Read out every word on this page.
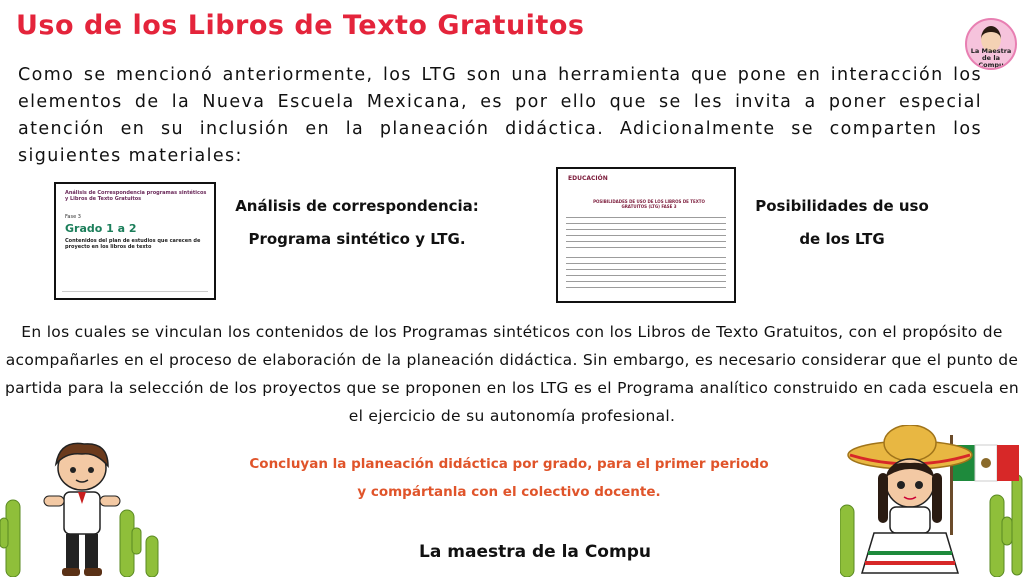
Uso de los Libros de Texto Gratuitos
La Maestra de la Compu
Como se mencionó anteriormente, los LTG son una herramienta que pone en interacción los elementos de la Nueva Escuela Mexicana, es por ello que se les invita a poner especial atención en su inclusión en la planeación didáctica. Adicionalmente se comparten los siguientes materiales:
Análisis de Correspondencia programas sintéticos y Libros de Texto Gratuitos
Fase 3
Grado 1 a 2
Contenidos del plan de estudios que carecen de proyecto en los libros de texto
Análisis de correspondencia:
Programa sintético y LTG.
EDUCACIÓN
POSIBILIDADES DE USO DE LOS LIBROS DE TEXTO GRATUITOS (LTG) FASE 3	Posibilidades de uso
de los LTG
En los cuales se vinculan los contenidos de los Programas sintéticos con los Libros de Texto Gratuitos, con el propósito de acompañarles en el proceso de elaboración de la planeación didáctica. Sin embargo, es necesario considerar que el punto de partida para la selección de los proyectos que se proponen en los LTG es el Programa analítico construido en cada escuela en el ejercicio de su autonomía profesional.
Concluyan la planeación didáctica por grado, para el primer periodo
y compártanla con el colectivo docente.
La maestra de la Compu
